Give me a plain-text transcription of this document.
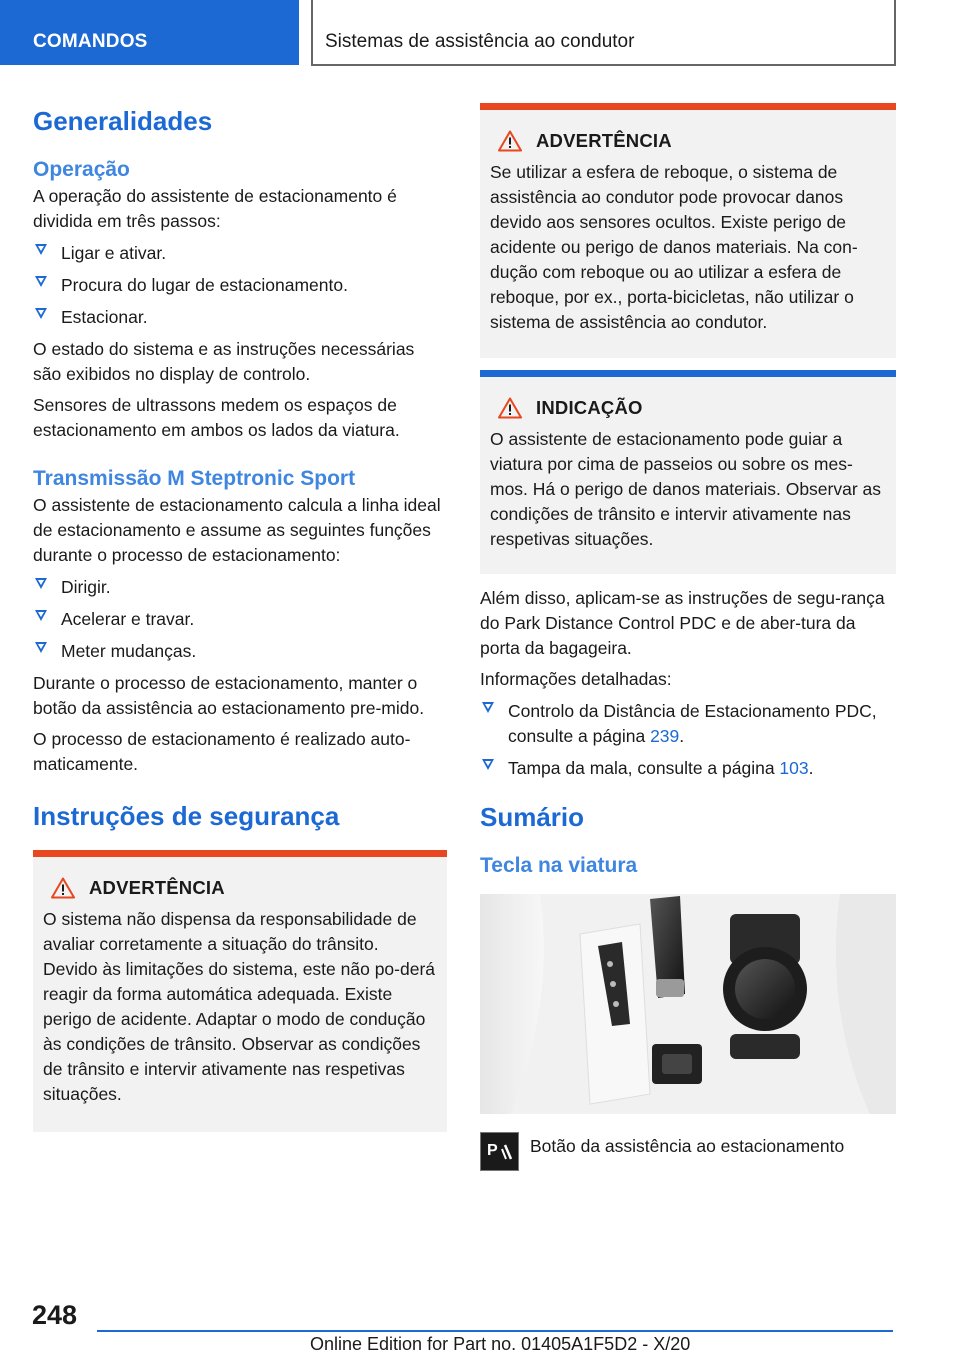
COMANDOS	Sistemas de assistência ao condutor
Generalidades
Operação

A operação do assistente de estacionamento é dividida em três passos:

Ligar e ativar.
Procura do lugar de estacionamento.
Estacionar.

O estado do sistema e as instruções necessárias são exibidos no display de controlo.

Sensores de ultrassons medem os espaços de estacionamento em ambos os lados da viatura.

Transmissão M Steptronic Sport

O assistente de estacionamento calcula a linha ideal de estacionamento e assume as seguintes funções durante o processo de estacionamento:

Dirigir.
Acelerar e travar.
Meter mudanças.

Durante o processo de estacionamento, manter o botão da assistência ao estacionamento pre-mido.

O processo de estacionamento é realizado auto-maticamente.

Instruções de segurança
ADVERTÊNCIA

O sistema não dispensa da responsabilidade de avaliar corretamente a situação do trânsito. Devido às limitações do sistema, este não po-derá reagir da forma automática adequada. Existe perigo de acidente. Adaptar o modo de condução às condições de trânsito. Observar as condições de trânsito e intervir ativamente nas respetivas situações.

ADVERTÊNCIA

Se utilizar a esfera de reboque, o sistema de assistência ao condutor pode provocar danos devido aos sensores ocultos. Existe perigo de acidente ou perigo de danos materiais. Na con-dução com reboque ou ao utilizar a esfera de reboque, por ex., porta-bicicletas, não utilizar o sistema de assistência ao condutor.

INDICAÇÃO

O assistente de estacionamento pode guiar a viatura por cima de passeios ou sobre os mes-mos. Há o perigo de danos materiais. Observar as condições de trânsito e intervir ativamente nas respetivas situações.

Além disso, aplicam-se as instruções de segu-rança do Park Distance Control PDC e de aber-tura da porta da bagageira.

Informações detalhadas:

Controlo da Distância de Estacionamento PDC, consulte a página 239.
Tampa da mala, consulte a página 103.
Sumário
Tecla na viatura
P Botão da assistência ao estacionamento

248
Online Edition for Part no. 01405A1F5D2 - X/20
